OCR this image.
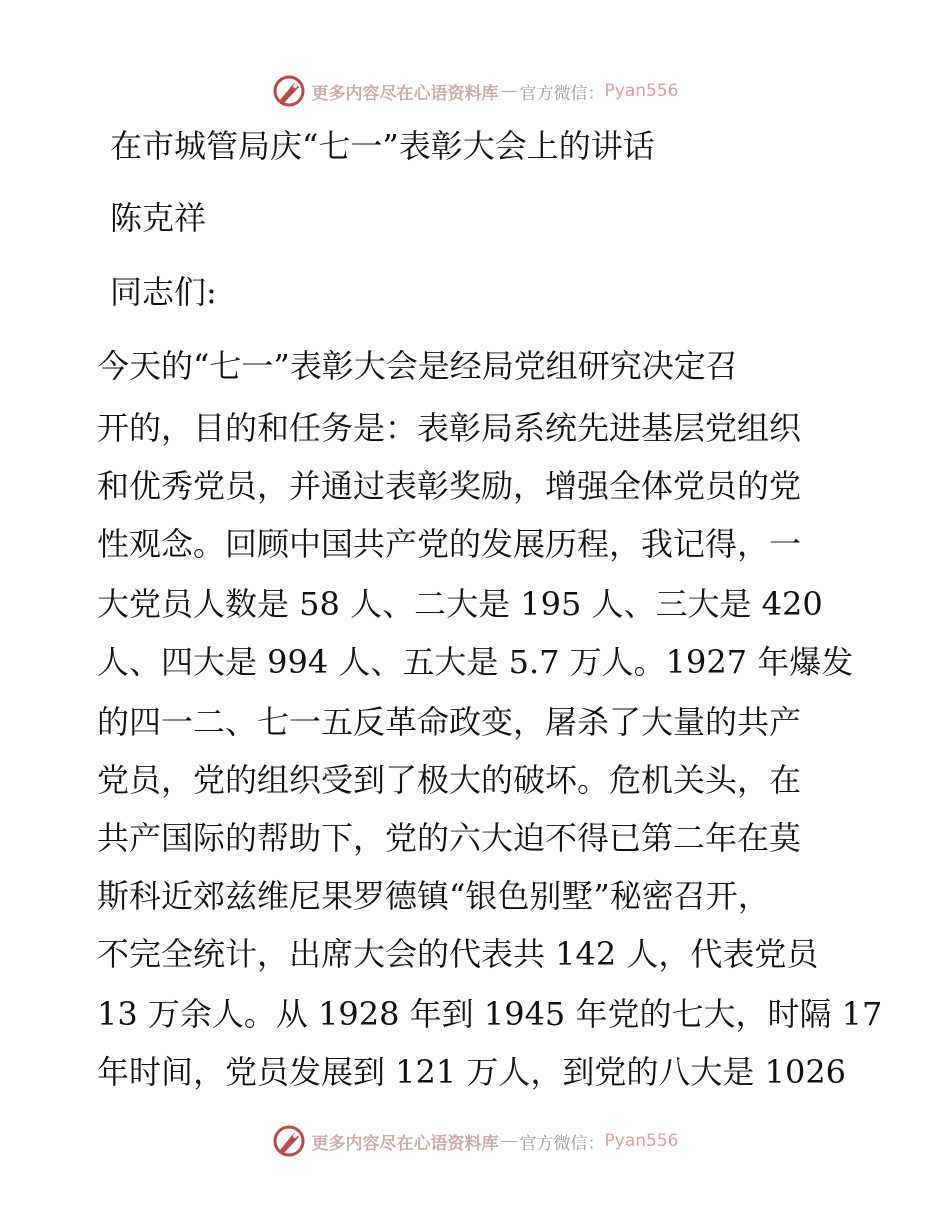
更多内容尽在心语资料库 — 官方微信： Pyan556
在市城管局庆“七一”表彰大会上的讲话
陈克祥
同志们:
今天的“七一”表彰大会是经局党组研究决定召
开的，目的和任务是：表彰局系统先进基层党组织
和优秀党员，并通过表彰奖励，增强全体党员的党
性观念。回顾中国共产党的发展历程，我记得，一
大党员人数是 58 人、二大是 195 人、三大是 420
人、四大是 994 人、五大是 5.7 万人。1927 年爆发
的四一二、七一五反革命政变，屠杀了大量的共产
党员，党的组织受到了极大的破坏。危机关头，在
共产国际的帮助下，党的六大迫不得已第二年在莫
斯科近郊兹维尼果罗德镇“银色别墅”秘密召开，
不完全统计，出席大会的代表共 142 人，代表党员
13 万余人。从 1928 年到 1945 年党的七大，时隔 17
年时间，党员发展到 121 万人，到党的八大是 1026
更多内容尽在心语资料库 — 官方微信： Pyan556
